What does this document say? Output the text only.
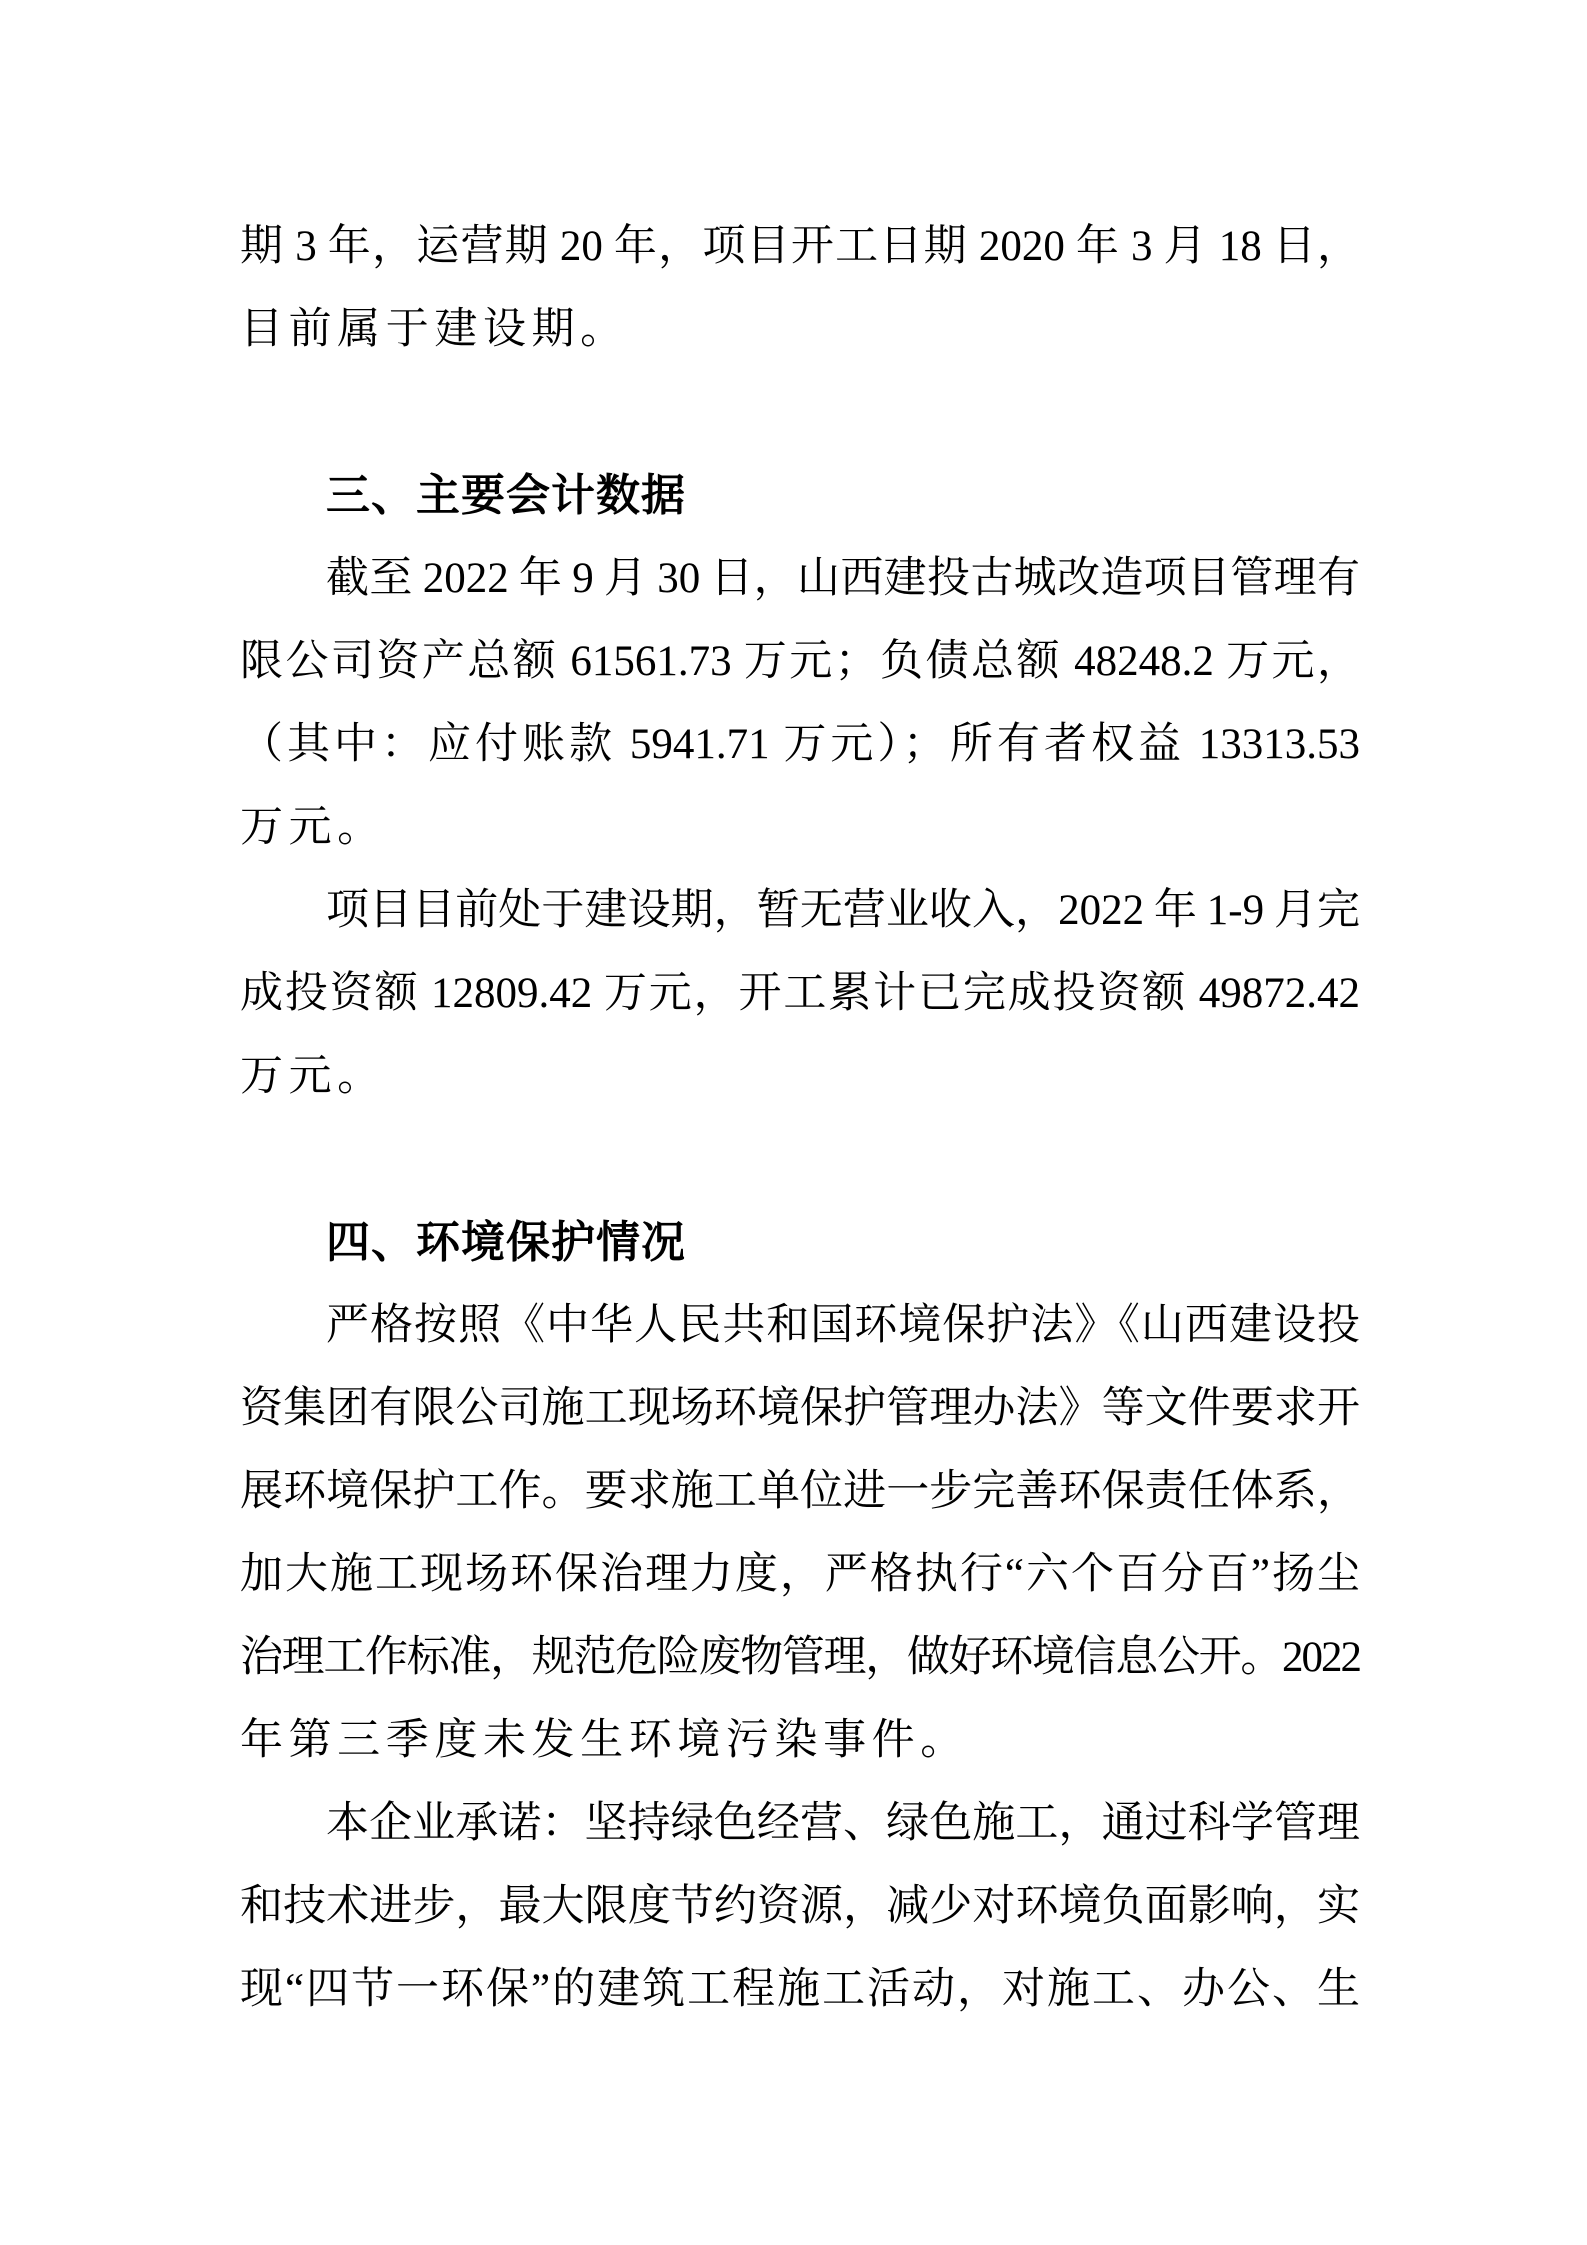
期 3 年，运营期 20 年，项目开工日期 2020 年 3 月 18 日，
目前属于建设期。
三、主要会计数据
截至 2022 年 9 月 30 日，山西建投古城改造项目管理有
限公司资产总额 61561.73 万元；负债总额 48248.2 万元，
（其中：应付账款 5941.71 万元）；所有者权益 13313.53
万元。
项目目前处于建设期，暂无营业收入，2022 年 1-9 月完
成投资额 12809.42 万元，开工累计已完成投资额 49872.42
万元。
四、环境保护情况
严格按照《中华人民共和国环境保护法》《山西建设投
资集团有限公司施工现场环境保护管理办法》等文件要求开
展环境保护工作。要求施工单位进一步完善环保责任体系，
加大施工现场环保治理力度，严格执行“六个百分百”扬尘
治理工作标准，规范危险废物管理，做好环境信息公开。2022
年第三季度未发生环境污染事件。
本企业承诺：坚持绿色经营、绿色施工，通过科学管理
和技术进步，最大限度节约资源，减少对环境负面影响，实
现“四节一环保”的建筑工程施工活动，对施工、办公、生
